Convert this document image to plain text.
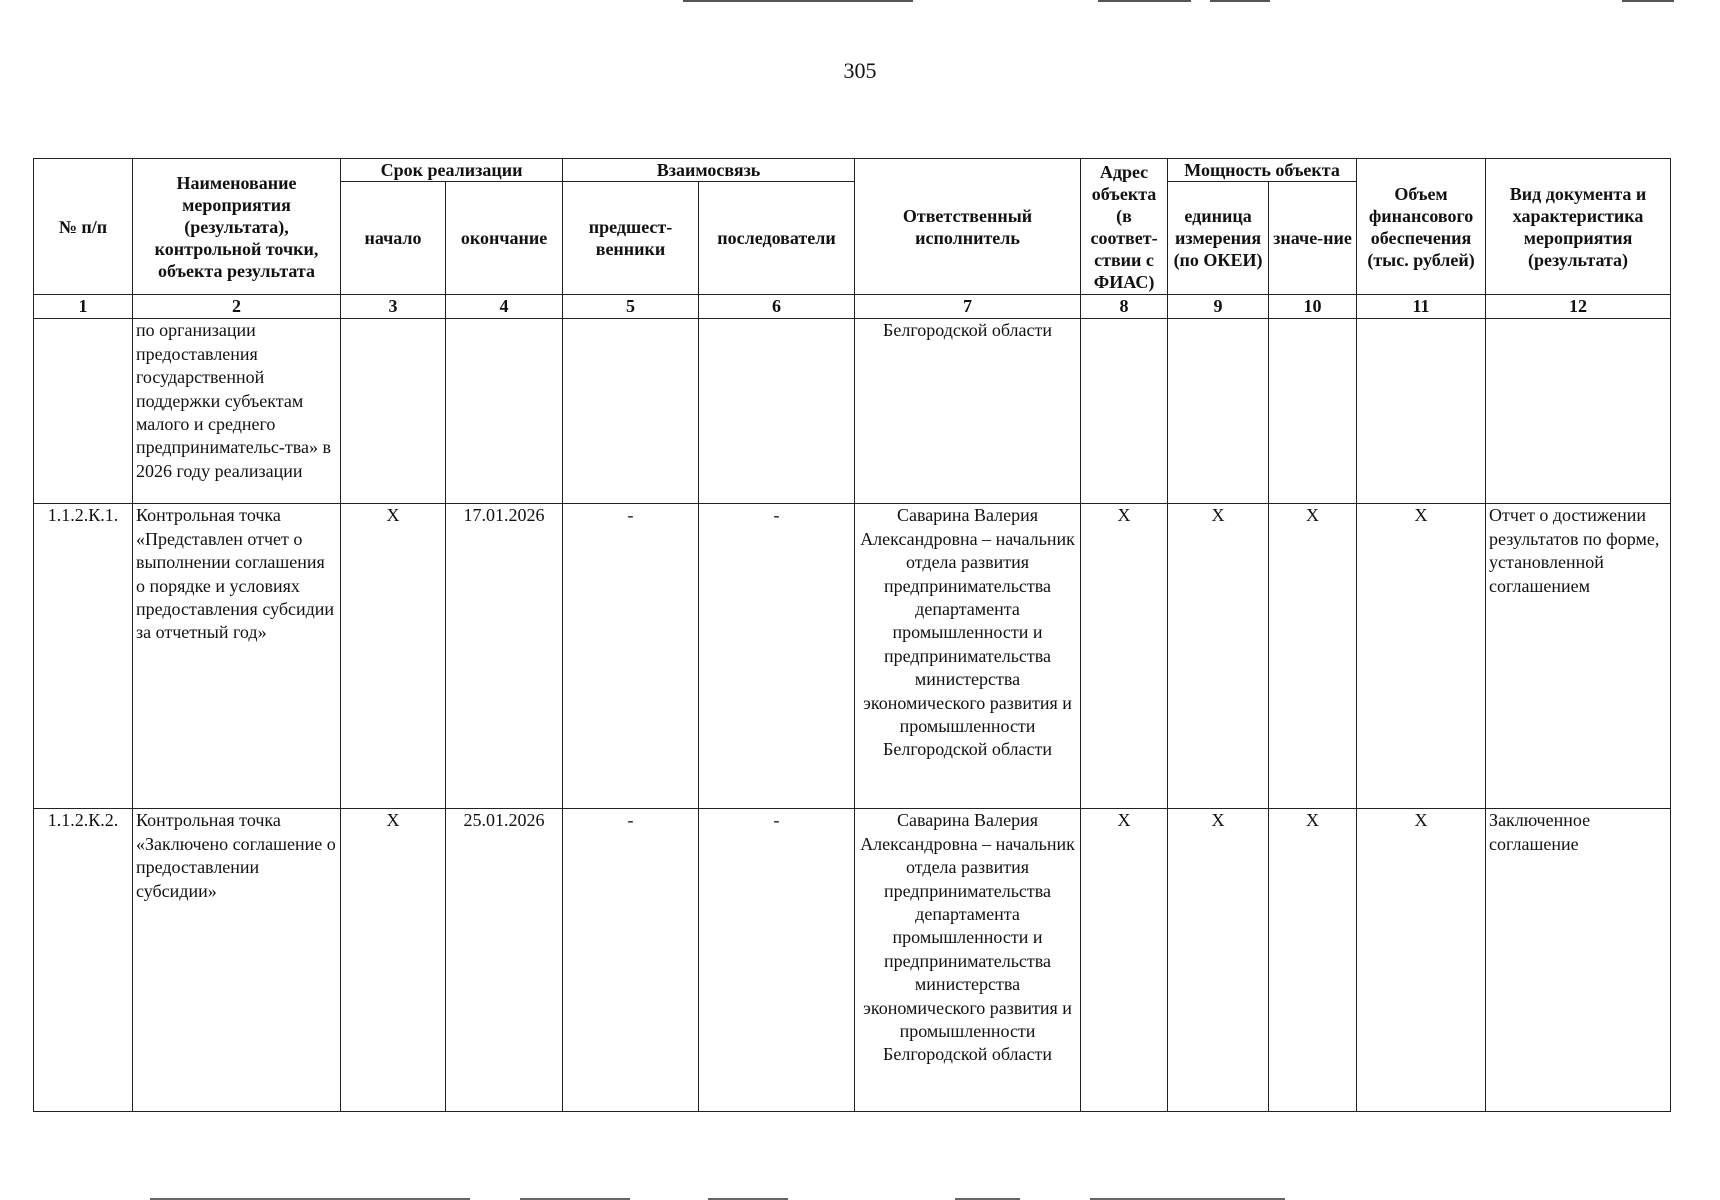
305
№ п/п	Наименование мероприятия (результата), контрольной точки, объекта результата	Срок реализации		Взаимосвязь		Ответственный исполнитель	Адрес объекта (в соответ-ствии с ФИАС)	Мощность объекта		Объем финансового обеспечения (тыс. рублей)	Вид документа и характеристика мероприятия (результата)
		начало	окончание	предшест-венники	последователи			единица измерения (по ОКЕИ)	значе-ние		
1	2	3	4	5	6	7	8	9	10	11	12
	по организации предоставления государственной поддержки субъектам малого и среднего предпринимательс-тва» в 2026 году реализации					Белгородской области					
1.1.2.К.1.	Контрольная точка «Представлен отчет о выполнении соглашения о порядке и условиях предоставления субсидии за отчетный год»	Х	17.01.2026	-	-	Саварина Валерия Александровна – начальник отдела развития предпринимательства департамента промышленности и предпринимательства министерства экономического развития и промышленности Белгородской области	Х	Х	Х	Х	Отчет о достижении результатов по форме, установленной соглашением
1.1.2.К.2.	Контрольная точка «Заключено соглашение о предоставлении субсидии»	Х	25.01.2026	-	-	Саварина Валерия Александровна – начальник отдела развития предпринимательства департамента промышленности и предпринимательства министерства экономического развития и промышленности Белгородской области	Х	Х	Х	Х	Заключенное соглашение
